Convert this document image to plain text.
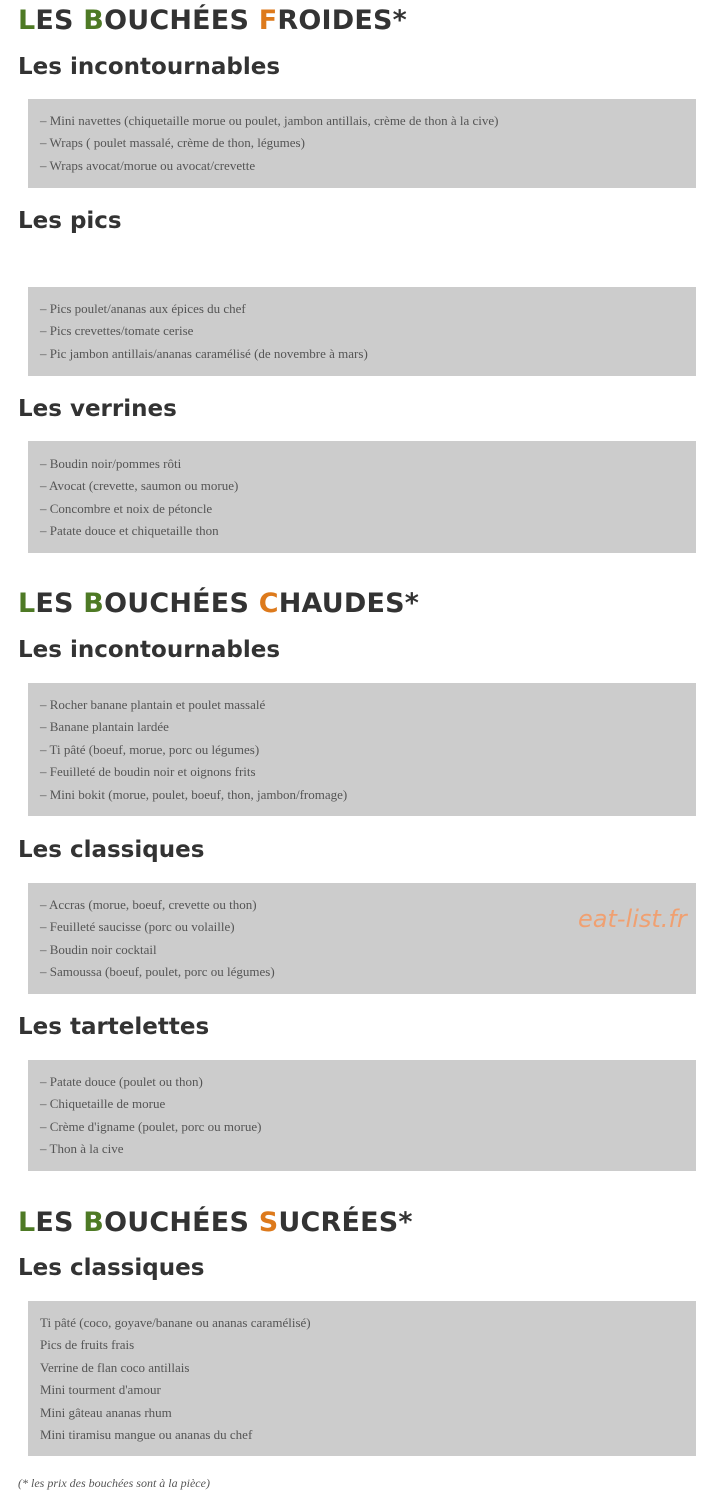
LES BOUCHÉES FROIDES*
Les incontournables
– Mini navettes (chiquetaille morue ou poulet, jambon antillais, crème de thon à la cive)
– Wraps ( poulet massalé, crème de thon, légumes)
– Wraps avocat/morue ou avocat/crevette
Les pics
– Pics poulet/ananas aux épices du chef
– Pics crevettes/tomate cerise
– Pic jambon antillais/ananas caramélisé (de novembre à mars)
Les verrines
– Boudin noir/pommes rôti
– Avocat (crevette, saumon ou morue)
– Concombre et noix de pétoncle
– Patate douce et chiquetaille thon
LES BOUCHÉES CHAUDES*
Les incontournables
– Rocher banane plantain et poulet massalé
– Banane plantain lardée
– Ti pâté (boeuf, morue, porc ou légumes)
– Feuilleté de boudin noir et oignons frits
– Mini bokit (morue, poulet, boeuf, thon, jambon/fromage)
Les classiques
– Accras (morue, boeuf, crevette ou thon)
– Feuilleté saucisse (porc ou volaille)
– Boudin noir cocktail
– Samoussa (boeuf, poulet, porc ou légumes)
Les tartelettes
– Patate douce (poulet ou thon)
– Chiquetaille de morue
– Crème d'igname (poulet, porc ou morue)
– Thon à la cive
LES BOUCHÉES SUCRÉES*
Les classiques
Ti pâté (coco, goyave/banane ou ananas caramélisé)
Pics de fruits frais
Verrine de flan coco antillais
Mini tourment d'amour
Mini gâteau ananas rhum
Mini tiramisu mangue ou ananas du chef
eat-list.fr
(* les prix des bouchées sont à la pièce)
